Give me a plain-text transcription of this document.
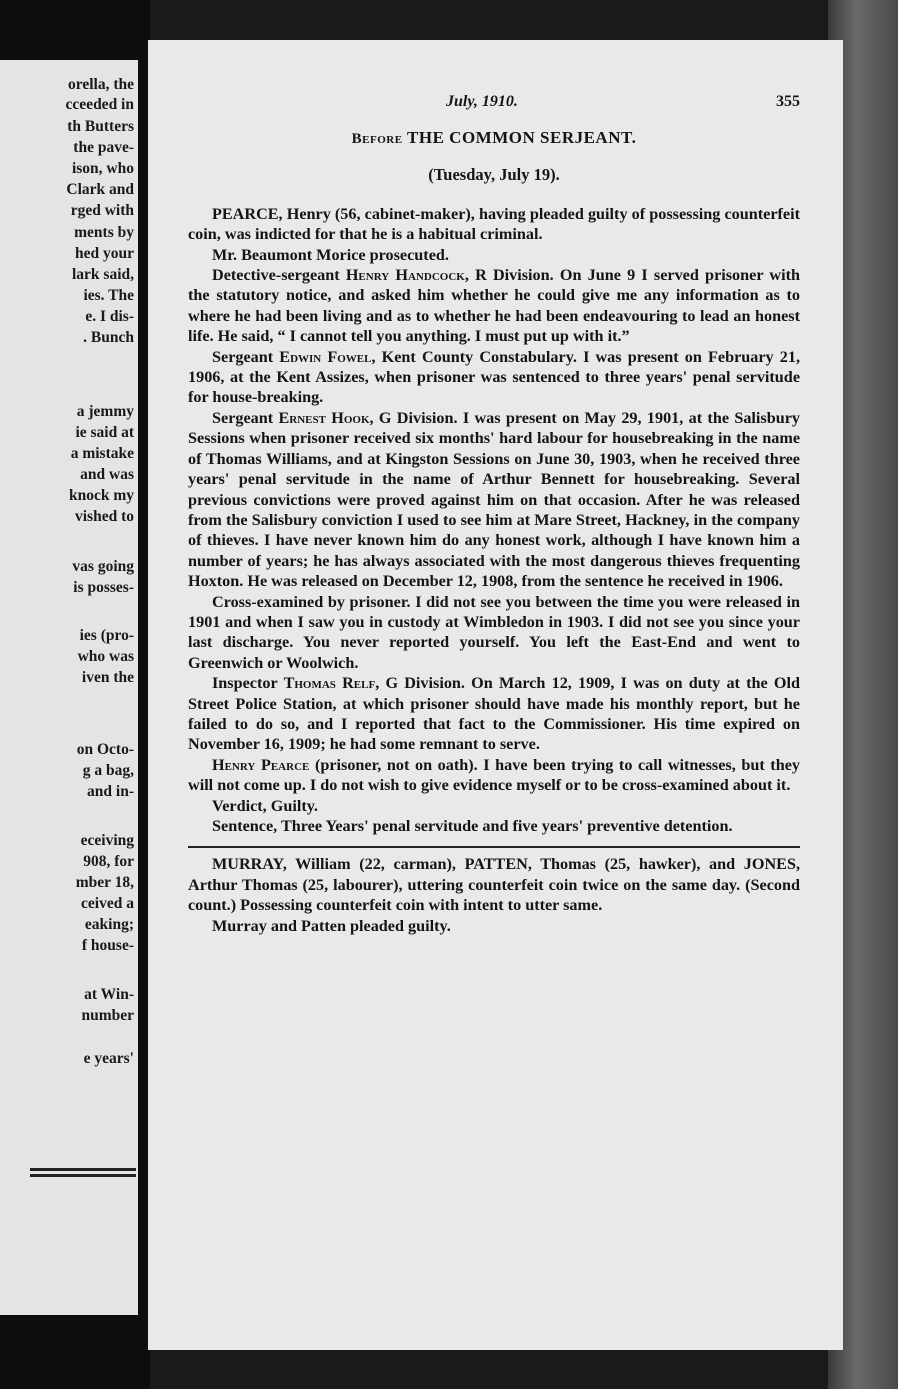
orella, the
cceeded in
th Butters
the pave-
ison, who
Clark and
rged with
ments by
hed your
lark said,
ies. The
e. I dis-
. Bunch
a jemmy
ie said at
a mistake
and was
knock my
vished to
vas going
is posses-
ies (pro-
who was
iven the
on Octo-
g a bag,
and in-
eceiving
908, for
mber 18,
ceived a
eaking;
f house-
at Win-
number
e years'
July, 1910.	355
Before THE COMMON SERJEANT.
(Tuesday, July 19).

PEARCE, Henry (56, cabinet-maker), having pleaded guilty of possessing counterfeit coin, was indicted for that he is a habitual criminal.

Mr. Beaumont Morice prosecuted.

Detective-sergeant Henry Handcock, R Division. On June 9 I served prisoner with the statutory notice, and asked him whether he could give me any information as to where he had been living and as to whether he had been endeavouring to lead an honest life. He said, “ I cannot tell you anything. I must put up with it.”

Sergeant Edwin Fowel, Kent County Constabulary. I was present on February 21, 1906, at the Kent Assizes, when prisoner was sentenced to three years' penal servitude for house-breaking.

Sergeant Ernest Hook, G Division. I was present on May 29, 1901, at the Salisbury Sessions when prisoner received six months' hard labour for housebreaking in the name of Thomas Williams, and at Kingston Sessions on June 30, 1903, when he received three years' penal servitude in the name of Arthur Bennett for housebreaking. Several previous convictions were proved against him on that occasion. After he was released from the Salisbury conviction I used to see him at Mare Street, Hackney, in the company of thieves. I have never known him do any honest work, although I have known him a number of years; he has always associated with the most dangerous thieves frequenting Hoxton. He was released on December 12, 1908, from the sentence he received in 1906.

Cross-examined by prisoner. I did not see you between the time you were released in 1901 and when I saw you in custody at Wimbledon in 1903. I did not see you since your last discharge. You never reported yourself. You left the East-End and went to Greenwich or Woolwich.

Inspector Thomas Relf, G Division. On March 12, 1909, I was on duty at the Old Street Police Station, at which prisoner should have made his monthly report, but he failed to do so, and I reported that fact to the Commissioner. His time expired on November 16, 1909; he had some remnant to serve.

Henry Pearce (prisoner, not on oath). I have been trying to call witnesses, but they will not come up. I do not wish to give evidence myself or to be cross-examined about it.

Verdict, Guilty.

Sentence, Three Years' penal servitude and five years' preventive detention.

MURRAY, William (22, carman), PATTEN, Thomas (25, hawker), and JONES, Arthur Thomas (25, labourer), uttering counterfeit coin twice on the same day. (Second count.) Possessing counterfeit coin with intent to utter same.

Murray and Patten pleaded guilty.
